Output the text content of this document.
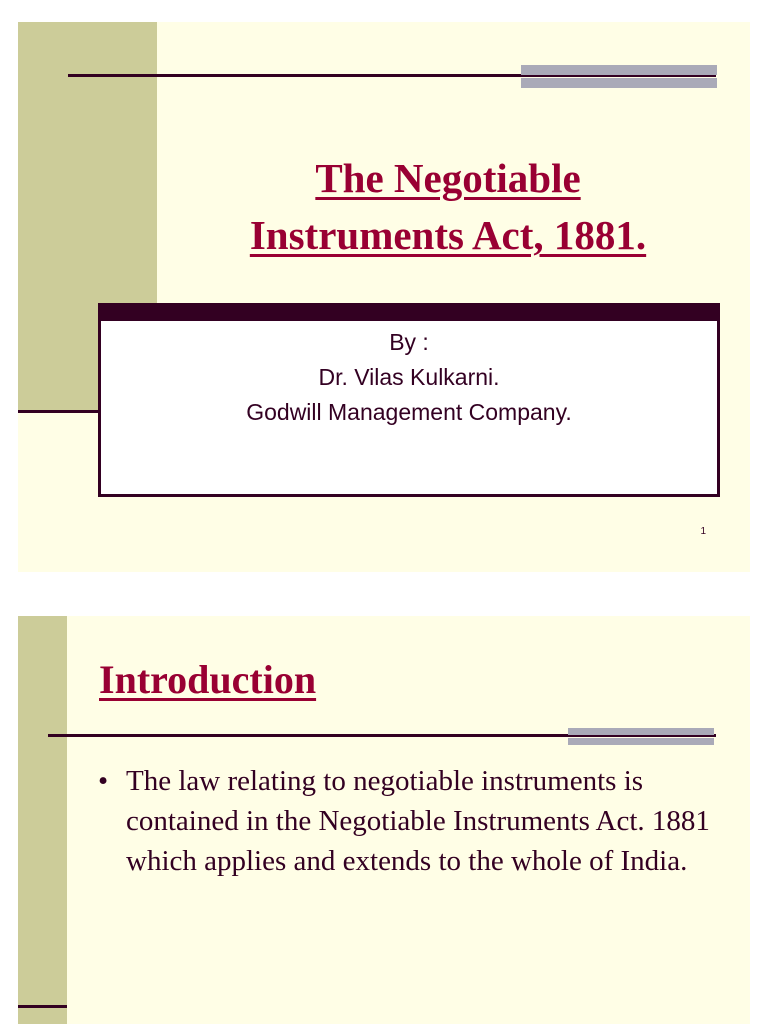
The Negotiable
Instruments Act, 1881.
By :
Dr. Vilas Kulkarni.
Godwill Management Company.
1
Introduction
• The law relating to negotiable instruments is contained in the Negotiable Instruments Act. 1881 which applies and extends to the whole of India.
